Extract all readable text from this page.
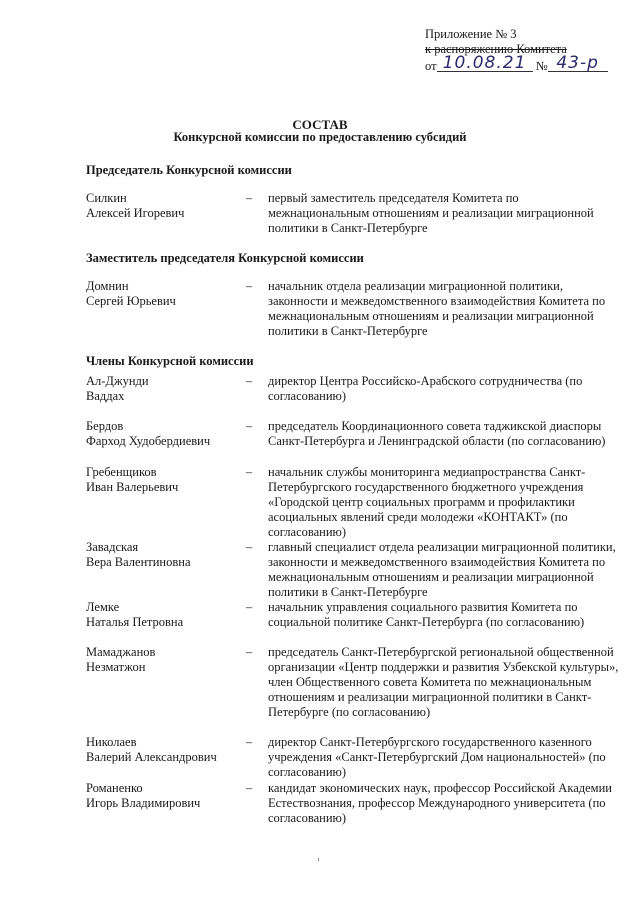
Приложение № 3
к распоряжению Комитета
от 10.08.21 № 43-р
СОСТАВ
Конкурсной комиссии по предоставлению субсидий
Председатель Конкурсной комиссии
Силкин
Алексей Игоревич
–	первый заместитель председателя Комитета по межнациональным отношениям и реализации миграционной политики в Санкт-Петербурге
Заместитель председателя Конкурсной комиссии
Домнин
Сергей Юрьевич
–	начальник отдела реализации миграционной политики, законности и межведомственного взаимодействия Комитета по межнациональным отношениям и реализации миграционной политики в Санкт-Петербурге
Члены Конкурсной комиссии
Ал-Джунди
Ваддах
–	директор Центра Российско-Арабского сотрудничества (по согласованию)
Бердов
Фарход Худобердиевич
–	председатель Координационного совета таджикской диаспоры Санкт-Петербурга и Ленинградской области (по согласованию)
Гребенщиков
Иван Валерьевич
–	начальник службы мониторинга медиапространства Санкт-Петербургского государственного бюджетного учреждения «Городской центр социальных программ и профилактики асоциальных явлений среди молодежи «КОНТАКТ» (по согласованию)
Завадская
Вера Валентиновна
–	главный специалист отдела реализации миграционной политики, законности и межведомственного взаимодействия Комитета по межнациональным отношениям и реализации миграционной политики в Санкт-Петербурге
Лемке
Наталья Петровна
–	начальник управления социального развития Комитета по социальной политике Санкт-Петербурга (по согласованию)
Мамаджанов
Незматжон
–	председатель Санкт-Петербургской региональной общественной организации «Центр поддержки и развития Узбекской культуры», член Общественного совета Комитета по межнациональным отношениям и реализации миграционной политики в Санкт-Петербурге (по согласованию)
Николаев
Валерий Александрович
–	директор Санкт-Петербургского государственного казенного учреждения «Санкт-Петербургский Дом национальностей» (по согласованию)
Романенко
Игорь Владимирович
–	кандидат экономических наук, профессор Российской Академии Естествознания, профессор Международного университета (по согласованию)
